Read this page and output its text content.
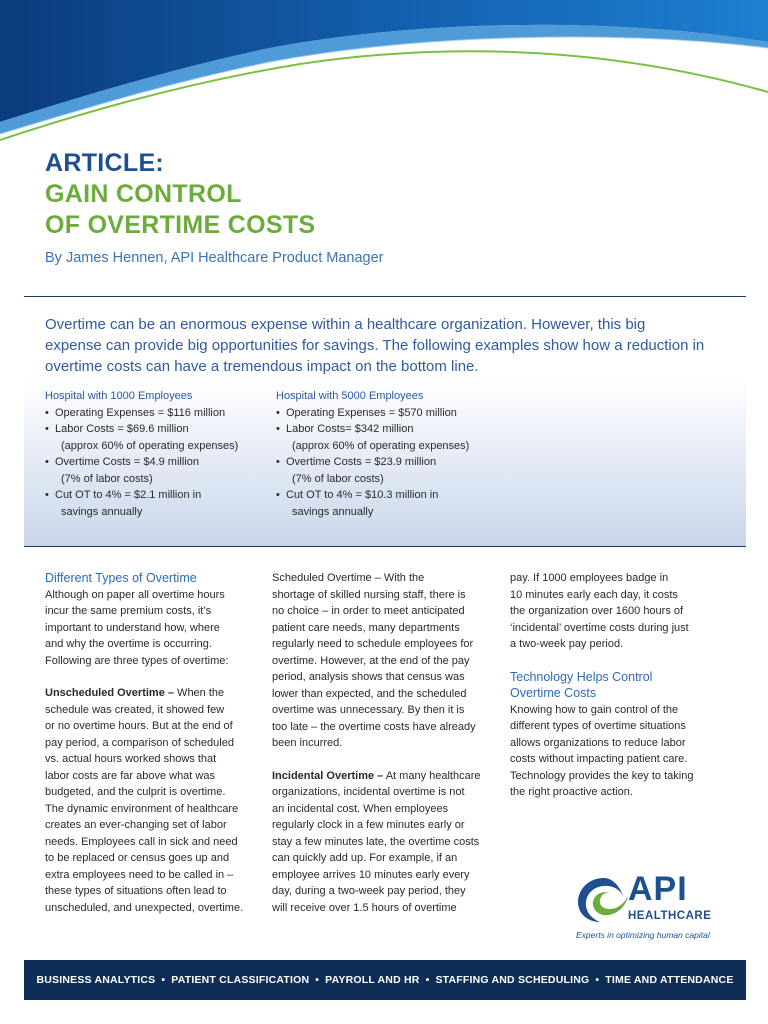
ARTICLE:
GAIN CONTROL
OF OVERTIME COSTS
By James Hennen, API Healthcare Product Manager
Overtime can be an enormous expense within a healthcare organization. However, this big expense can provide big opportunities for savings. The following examples show how a reduction in overtime costs can have a tremendous impact on the bottom line.
Hospital with 1000 Employees
• Operating Expenses = $116 million
• Labor Costs = $69.6 million
(approx 60% of operating expenses)
• Overtime Costs = $4.9 million
(7% of labor costs)
• Cut OT to 4% = $2.1 million in
savings annually
Hospital with 5000 Employees
• Operating Expenses = $570 million
• Labor Costs= $342 million
(approx 60% of operating expenses)
• Overtime Costs = $23.9 million
(7% of labor costs)
• Cut OT to 4% = $10.3 million in
savings annually
Different Types of Overtime

Although on paper all overtime hours

incur the same premium costs, it’s

important to understand how, where

and why the overtime is occurring.

Following are three types of overtime:

Unscheduled Overtime – When the

schedule was created, it showed few

or no overtime hours. But at the end of

pay period, a comparison of scheduled

vs. actual hours worked shows that

labor costs are far above what was

budgeted, and the culprit is overtime.

The dynamic environment of healthcare

creates an ever-changing set of labor

needs. Employees call in sick and need

to be replaced or census goes up and

extra employees need to be called in –

these types of situations often lead to

unscheduled, and unexpected, overtime.

Scheduled Overtime – With the

shortage of skilled nursing staff, there is

no choice – in order to meet anticipated

patient care needs, many departments

regularly need to schedule employees for

overtime. However, at the end of the pay

period, analysis shows that census was

lower than expected, and the scheduled

overtime was unnecessary. By then it is

too late – the overtime costs have already

been incurred.

Incidental Overtime – At many healthcare

organizations, incidental overtime is not

an incidental cost. When employees

regularly clock in a few minutes early or

stay a few minutes late, the overtime costs

can quickly add up. For example, if an

employee arrives 10 minutes early every

day, during a two-week pay period, they

will receive over 1.5 hours of overtime

pay. If 1000 employees badge in

10 minutes early each day, it costs

the organization over 1600 hours of

‘incidental’ overtime costs during just

a two-week pay period.

Technology Helps Control
Overtime Costs

Knowing how to gain control of the

different types of overtime situations

allows organizations to reduce labor

costs without impacting patient care.

Technology provides the key to taking

the right proactive action.

API
HEALTHCARE
Experts in optimizing human capital
BUSINESS ANALYTICS • PATIENT CLASSIFICATION • PAYROLL AND HR • STAFFING AND SCHEDULING • TIME AND ATTENDANCE
